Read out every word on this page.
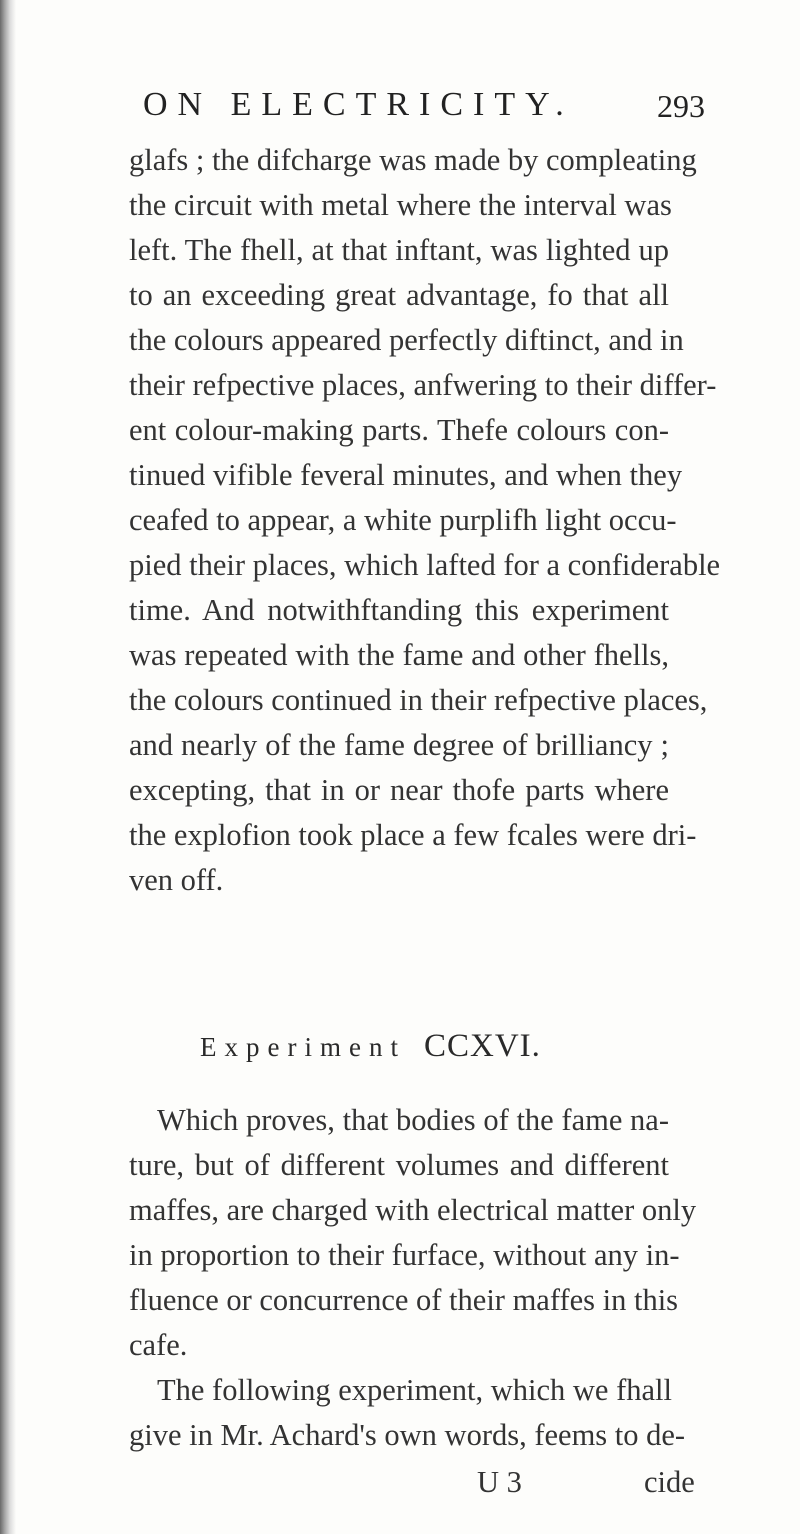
ON ELECTRICITY.	293
glafs ; the difcharge was made by compleating
the circuit with metal where the interval was
left. The fhell, at that inftant, was lighted up
to an exceeding great advantage, fo that all
the colours appeared perfectly diftinct, and in
their refpective places, anfwering to their differ-
ent colour-making parts. Thefe colours con-
tinued vifible feveral minutes, and when they
ceafed to appear, a white purplifh light occu-
pied their places, which lafted for a confiderable
time. And notwithftanding this experiment
was repeated with the fame and other fhells,
the colours continued in their refpective places,
and nearly of the fame degree of brilliancy ;
excepting, that in or near thofe parts where
the explofion took place a few fcales were dri-
ven off.
Experiment CCXVI.
Which proves, that bodies of the fame na-
ture, but of different volumes and different
maffes, are charged with electrical matter only
in proportion to their furface, without any in-
fluence or concurrence of their maffes in this
cafe.
The following experiment, which we fhall
give in Mr. Achard's own words, feems to de-
U 3	cide
